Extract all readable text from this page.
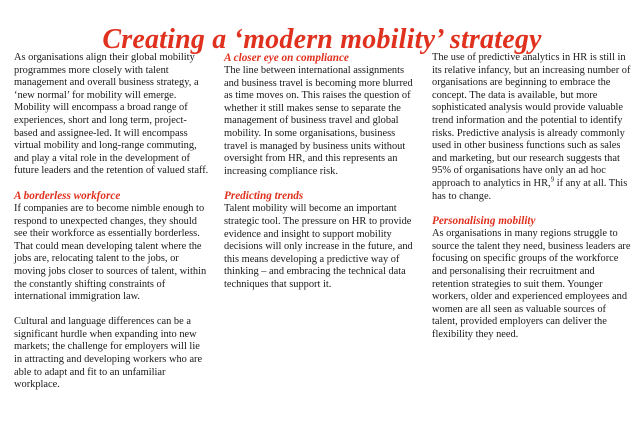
Creating a ‘modern mobility’ strategy

As organisations align their global mobility programmes more closely with talent management and overall business strategy, a ‘new normal’ for mobility will emerge. Mobility will encompass a broad range of experiences, short and long term, project-based and assignee-led. It will encompass virtual mobility and long-range commuting, and play a vital role in the development of future leaders and the retention of valued staff.

A borderless workforce

If companies are to become nimble enough to respond to unexpected changes, they should see their workforce as essentially borderless. That could mean developing talent where the jobs are, relocating talent to the jobs, or moving jobs closer to sources of talent, within the constantly shifting constraints of international immigration law.

Cultural and language differences can be a significant hurdle when expanding into new markets; the challenge for employers will lie in attracting and developing workers who are able to adapt and fit to an unfamiliar workplace.

A closer eye on compliance

The line between international assignments and business travel is becoming more blurred as time moves on. This raises the question of whether it still makes sense to separate the management of business travel and global mobility. In some organisations, business travel is managed by business units without oversight from HR, and this represents an increasing compliance risk.

Predicting trends

Talent mobility will become an important strategic tool. The pressure on HR to provide evidence and insight to support mobility decisions will only increase in the future, and this means developing a predictive way of thinking – and embracing the technical data techniques that support it.

The use of predictive analytics in HR is still in its relative infancy, but an increasing number of organisations are beginning to embrace the concept. The data is available, but more sophisticated analysis would provide valuable trend information and the potential to identify risks. Predictive analysis is already commonly used in other business functions such as sales and marketing, but our research suggests that 95% of organisations have only an ad hoc approach to analytics in HR,$^9$ if any at all. This has to change.

Personalising mobility

As organisations in many regions struggle to source the talent they need, business leaders are focusing on specific groups of the workforce and personalising their recruitment and retention strategies to suit them. Younger workers, older and experienced employees and women are all seen as valuable sources of talent, provided employers can deliver the flexibility they need.
